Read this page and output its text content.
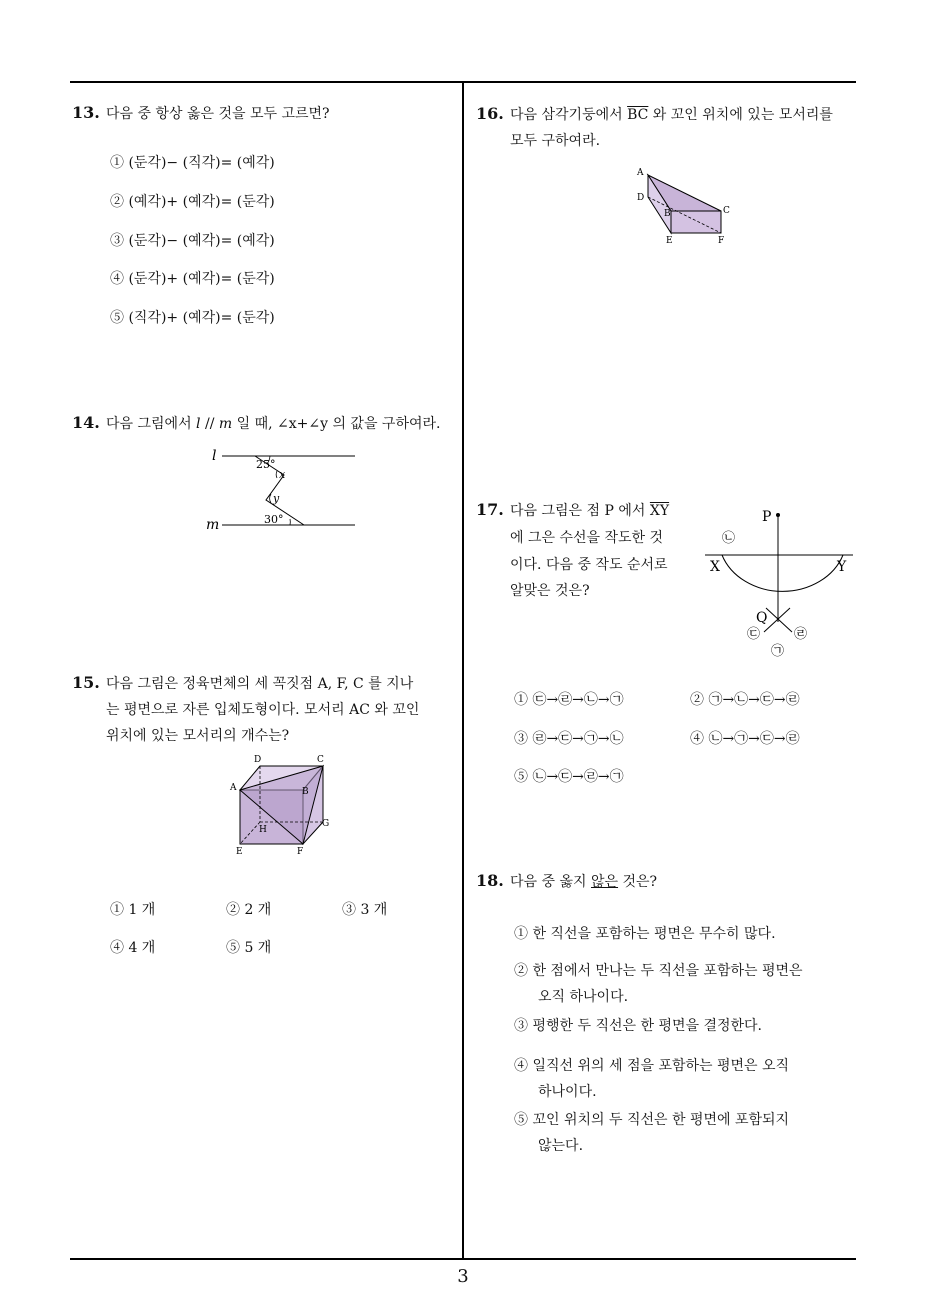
13. 다음 중 항상 옳은 것을 모두 고르면?
① (둔각)− (직각)= (예각)
② (예각)+ (예각)= (둔각)
③ (둔각)− (예각)= (예각)
④ (둔각)+ (예각)= (둔각)
⑤ (직각)+ (예각)= (둔각)
14. 다음 그림에서 l // m 일 때, ∠x+∠y 의 값을 구하여라.
l
m
25°
x
y
30°
15. 다음 그림은 정육면체의 세 꼭짓점 A, F, C 를 지나
는 평면으로 자른 입체도형이다. 모서리 AC 와 꼬인
위치에 있는 모서리의 개수는?
D	C
A	B
H
G
E	F
① 1 개	② 2 개	③ 3 개
④ 4 개	⑤ 5 개
16. 다음 삼각기둥에서 $\overline{BC}$ 와 꼬인 위치에 있는 모서리를
모두 구하여라.
A
D
B	C
E	F
17. 다음 그림은 점 P 에서 $\overline{XY}$
에 그은 수선을 작도한 것
이다. 다음 중 작도 순서로
알맞은 것은?
P
X	Y
Q
㉡
㉢	㉣
㉠
① ㉢→㉣→㉡→㉠	② ㉠→㉡→㉢→㉣
③ ㉣→㉢→㉠→㉡	④ ㉡→㉠→㉢→㉣
⑤ ㉡→㉢→㉣→㉠
18. 다음 중 옳지 않은 것은?
① 한 직선을 포함하는 평면은 무수히 많다.
② 한 점에서 만나는 두 직선을 포함하는 평면은
오직 하나이다.
③ 평행한 두 직선은 한 평면을 결정한다.
④ 일직선 위의 세 점을 포함하는 평면은 오직
하나이다.
⑤ 꼬인 위치의 두 직선은 한 평면에 포함되지
않는다.
3
